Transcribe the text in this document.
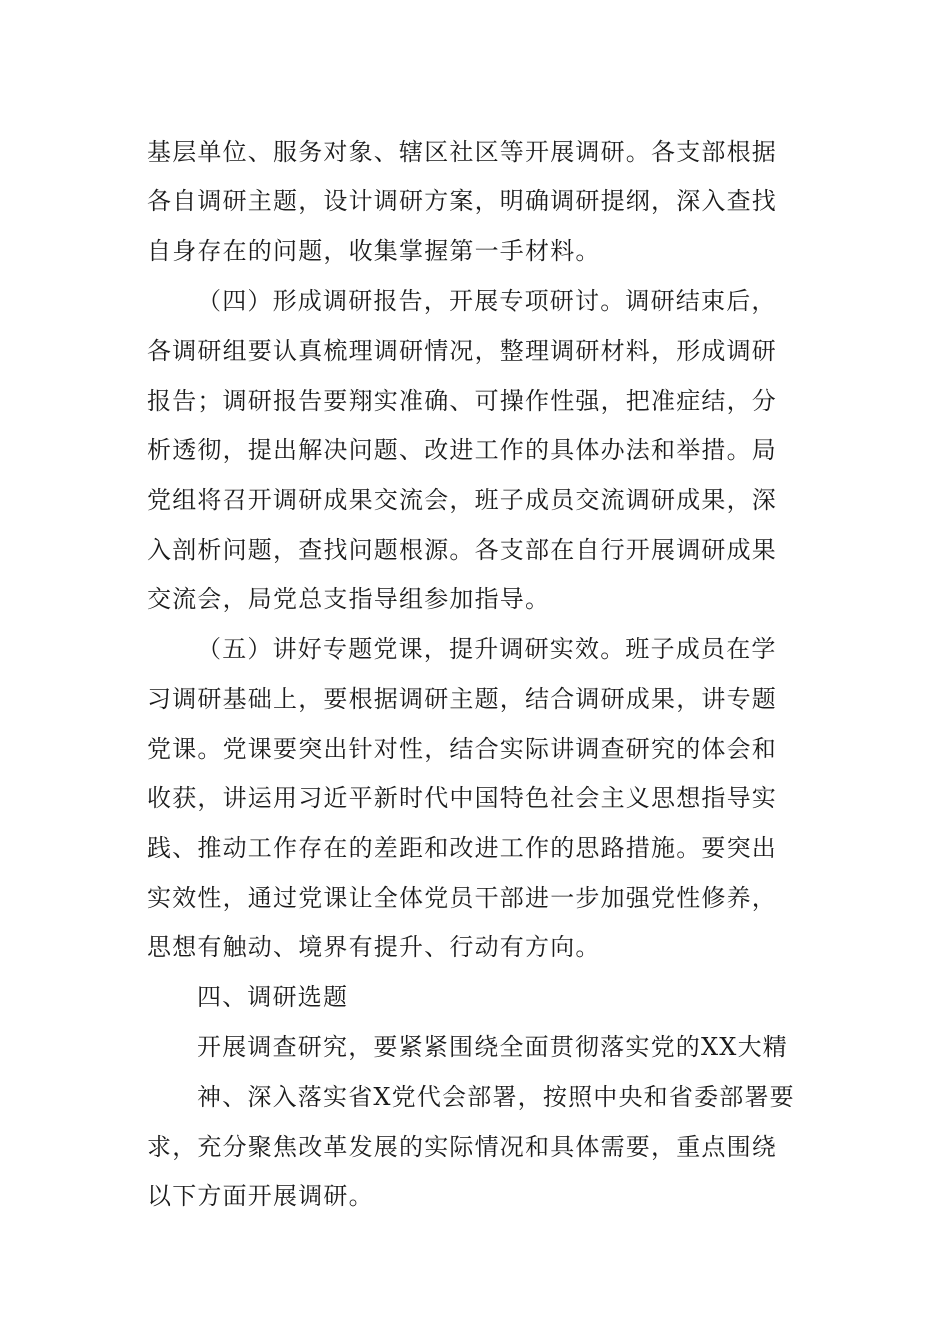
基层单位、服务对象、辖区社区等开展调研。各支部根据
各自调研主题，设计调研方案，明确调研提纲，深入查找
自身存在的问题，收集掌握第一手材料。
（四）形成调研报告，开展专项研讨。调研结束后，
各调研组要认真梳理调研情况，整理调研材料，形成调研
报告；调研报告要翔实准确、可操作性强，把准症结，分
析透彻，提出解决问题、改进工作的具体办法和举措。局
党组将召开调研成果交流会，班子成员交流调研成果，深
入剖析问题，查找问题根源。各支部在自行开展调研成果
交流会，局党总支指导组参加指导。
（五）讲好专题党课，提升调研实效。班子成员在学
习调研基础上，要根据调研主题，结合调研成果，讲专题
党课。党课要突出针对性，结合实际讲调查研究的体会和
收获，讲运用习近平新时代中国特色社会主义思想指导实
践、推动工作存在的差距和改进工作的思路措施。要突出
实效性，通过党课让全体党员干部进一步加强党性修养，
思想有触动、境界有提升、行动有方向。
四、调研选题
开展调查研究，要紧紧围绕全面贯彻落实党的XX大精
神、深入落实省X党代会部署，按照中央和省委部署要
求，充分聚焦改革发展的实际情况和具体需要，重点围绕
以下方面开展调研。
